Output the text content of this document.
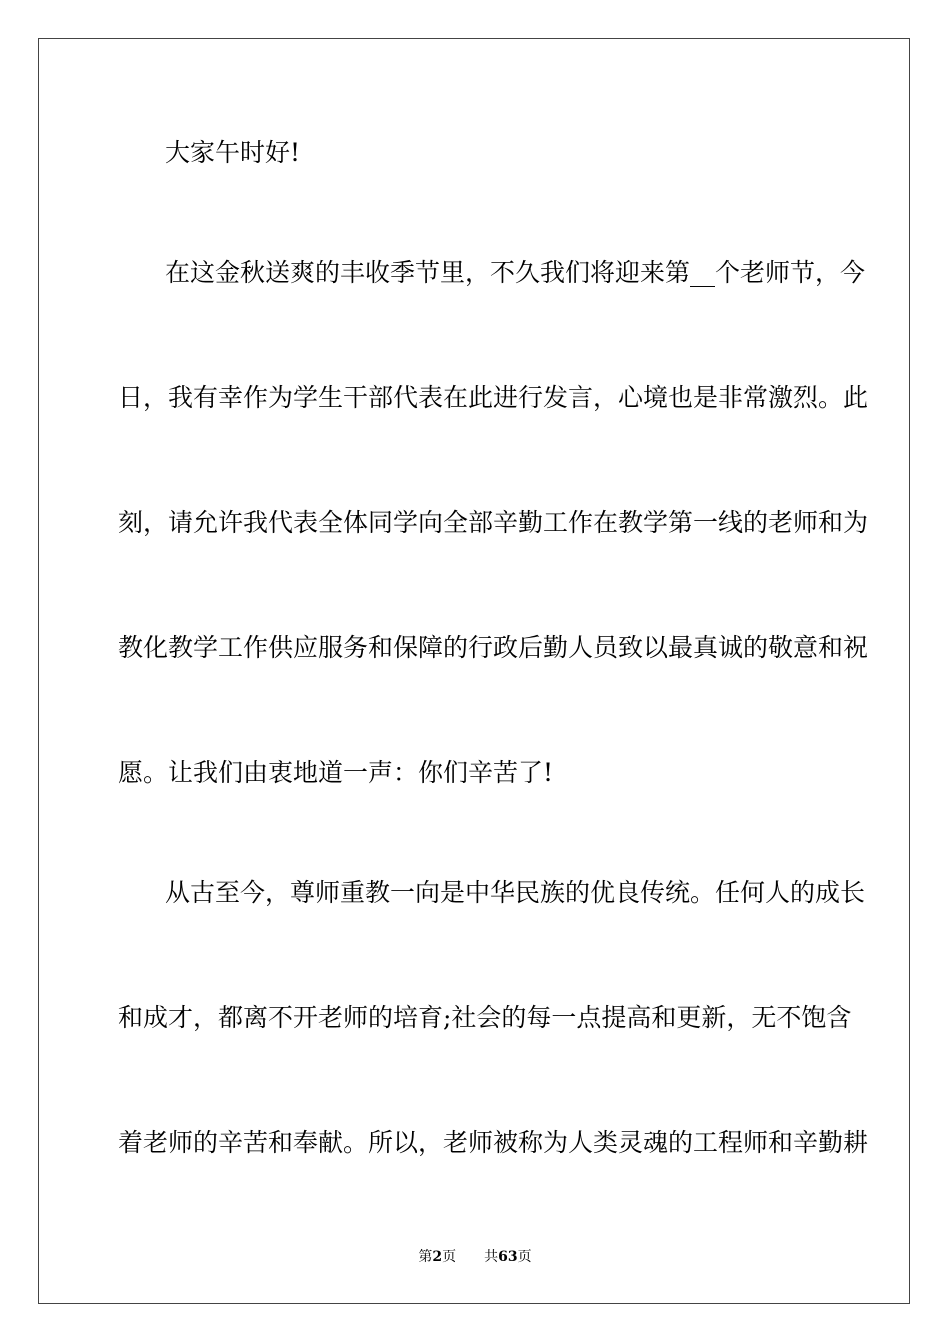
大家午时好!
在这金秋送爽的丰收季节里，不久我们将迎来第__个老师节，今
日，我有幸作为学生干部代表在此进行发言，心境也是非常激烈。此
刻，请允许我代表全体同学向全部辛勤工作在教学第一线的老师和为
教化教学工作供应服务和保障的行政后勤人员致以最真诚的敬意和祝
愿。让我们由衷地道一声：你们辛苦了!
从古至今，尊师重教一向是中华民族的优良传统。任何人的成长
和成才，都离不开老师的培育;社会的每一点提高和更新，无不饱含
着老师的辛苦和奉献。所以，老师被称为人类灵魂的工程师和辛勤耕
第2页 共63页
